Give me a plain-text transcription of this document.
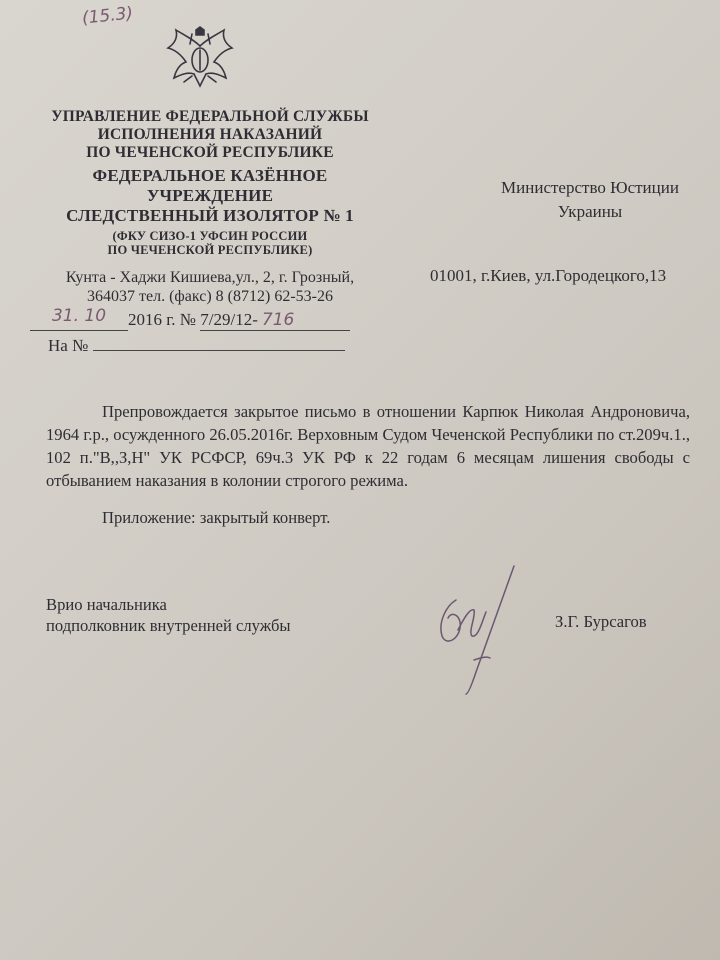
(15.3)
УПРАВЛЕНИЕ ФЕДЕРАЛЬНОЙ СЛУЖБЫ
ИСПОЛНЕНИЯ НАКАЗАНИЙ
ПО ЧЕЧЕНСКОЙ РЕСПУБЛИКЕ
ФЕДЕРАЛЬНОЕ КАЗЁННОЕ
УЧРЕЖДЕНИЕ
СЛЕДСТВЕННЫЙ ИЗОЛЯТОР № 1
(ФКУ СИЗО-1 УФСИН РОССИИ
ПО ЧЕЧЕНСКОЙ РЕСПУБЛИКЕ)
Кунта - Хаджи Кишиева,ул., 2, г. Грозный,
364037 тел. (факс) 8 (8712) 62-53-26
31. 10	2016 г. № 7/29/12- 716
На №
Министерство Юстиции
Украины
01001, г.Киев, ул.Городецкого,13
Препровождается закрытое письмо в отношении Карпюк Николая Андроновича, 1964 г.р., осужденного 26.05.2016г. Верховным Судом Чеченской Республики по ст.209ч.1., 102 п."В,,З,Н" УК РСФСР, 69ч.3 УК РФ к 22 годам 6 месяцам лишения свободы с отбыванием наказания в колонии строгого режима.
Приложение: закрытый конверт.
Врио начальника
подполковник внутренней службы	З.Г. Бурсагов
